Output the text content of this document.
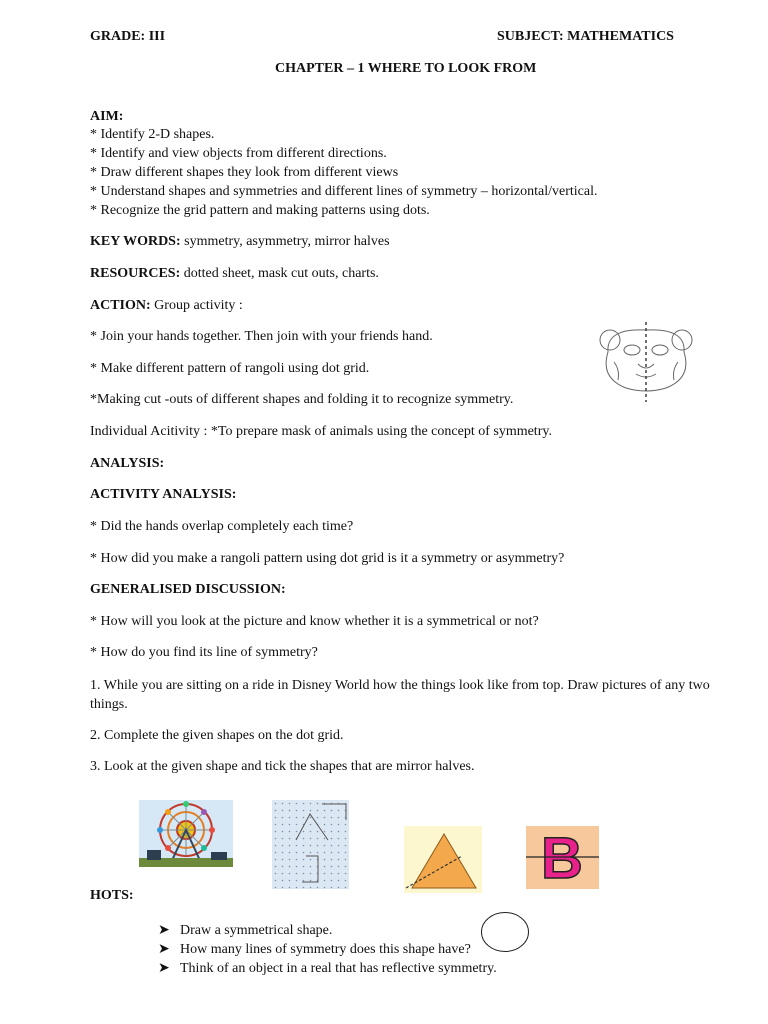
GRADE: III	SUBJECT: MATHEMATICS
CHAPTER – 1 WHERE TO LOOK FROM
AIM:
* Identify 2-D shapes.
* Identify and view objects from different directions.
* Draw different shapes they look from different views
* Understand shapes and symmetries and different lines of symmetry – horizontal/vertical.
* Recognize the grid pattern and making patterns using dots.
KEY WORDS: symmetry, asymmetry, mirror halves
RESOURCES: dotted sheet, mask cut outs, charts.
ACTION: Group activity :
* Join your hands together. Then join with your friends hand.
* Make different pattern of rangoli using dot grid.
*Making cut -outs of different shapes and folding it to recognize symmetry.
Individual Acitivity : *To prepare mask of animals using the concept of symmetry.
ANALYSIS:
ACTIVITY ANALYSIS:
* Did the hands overlap completely each time?
* How did you make a rangoli pattern using dot grid is it a symmetry or asymmetry?
GENERALISED DISCUSSION:
* How will you look at the picture and know whether it is a symmetrical or not?
* How do you find its line of symmetry?
1. While you are sitting on a ride in Disney World how the things look like from top. Draw pictures of any two things.
2. Complete the given shapes on the dot grid.
3. Look at the given shape and tick the shapes that are mirror halves.
B
HOTS:
➤ Draw a symmetrical shape.
➤ How many lines of symmetry does this shape have?
➤ Think of an object in a real that has reflective symmetry.
